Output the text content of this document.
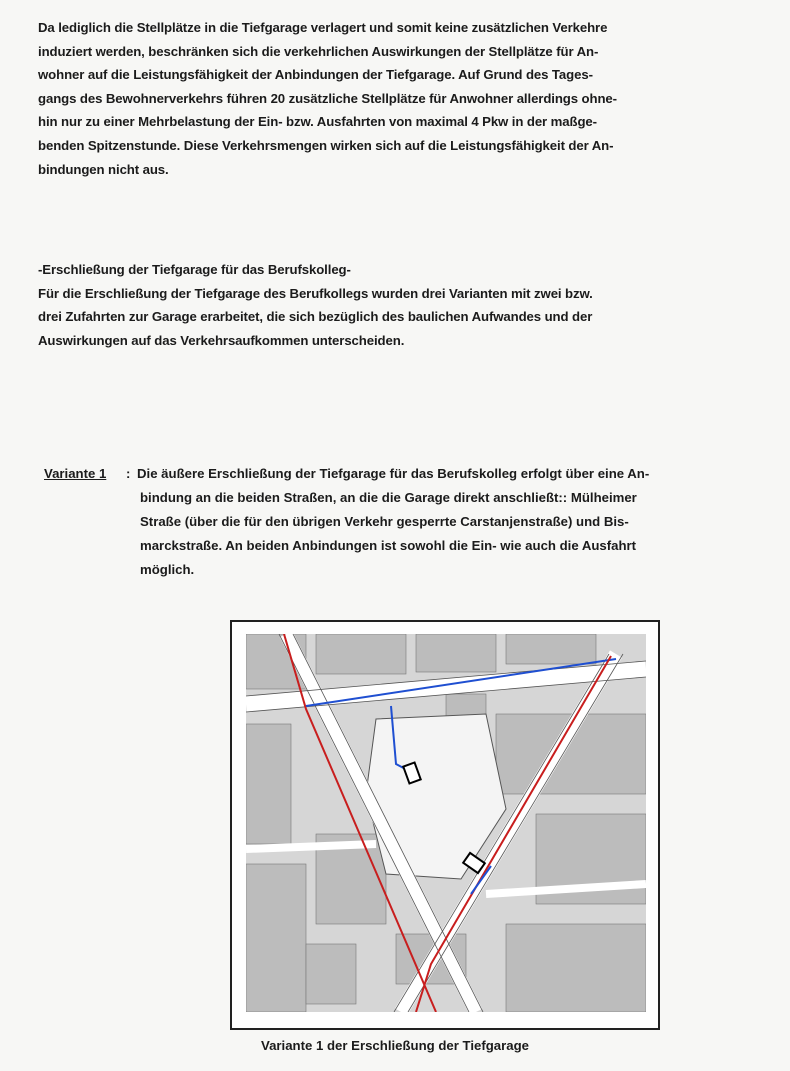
Da lediglich die Stellplätze in die Tiefgarage verlagert und somit keine zusätzlichen Verkehre
induziert werden, beschränken sich die verkehrlichen Auswirkungen der Stellplätze für An-
wohner auf die Leistungsfähigkeit der Anbindungen der Tiefgarage. Auf Grund des Tages-
gangs des Bewohnerverkehrs führen 20 zusätzliche Stellplätze für Anwohner allerdings ohne-
hin nur zu einer Mehrbelastung der Ein- bzw. Ausfahrten von maximal 4 Pkw in der maßge-
benden Spitzenstunde. Diese Verkehrsmengen wirken sich auf die Leistungsfähigkeit der An-
bindungen nicht aus.
-Erschließung der Tiefgarage für das Berufskolleg-
Für die Erschließung der Tiefgarage des Berufkollegs wurden drei Varianten mit zwei bzw.
drei Zufahrten zur Garage erarbeitet, die sich bezüglich des baulichen Aufwandes und der
Auswirkungen auf das Verkehrsaufkommen unterscheiden.
Variante 1 : Die äußere Erschließung der Tiefgarage für das Berufskolleg erfolgt über eine An-
bindung an die beiden Straßen, an die die Garage direkt anschließt:: Mülheimer
Straße (über die für den übrigen Verkehr gesperrte Carstanjenstraße) und Bis-
marckstraße. An beiden Anbindungen ist sowohl die Ein- wie auch die Ausfahrt
möglich.
Variante 1 der Erschließung der Tiefgarage
